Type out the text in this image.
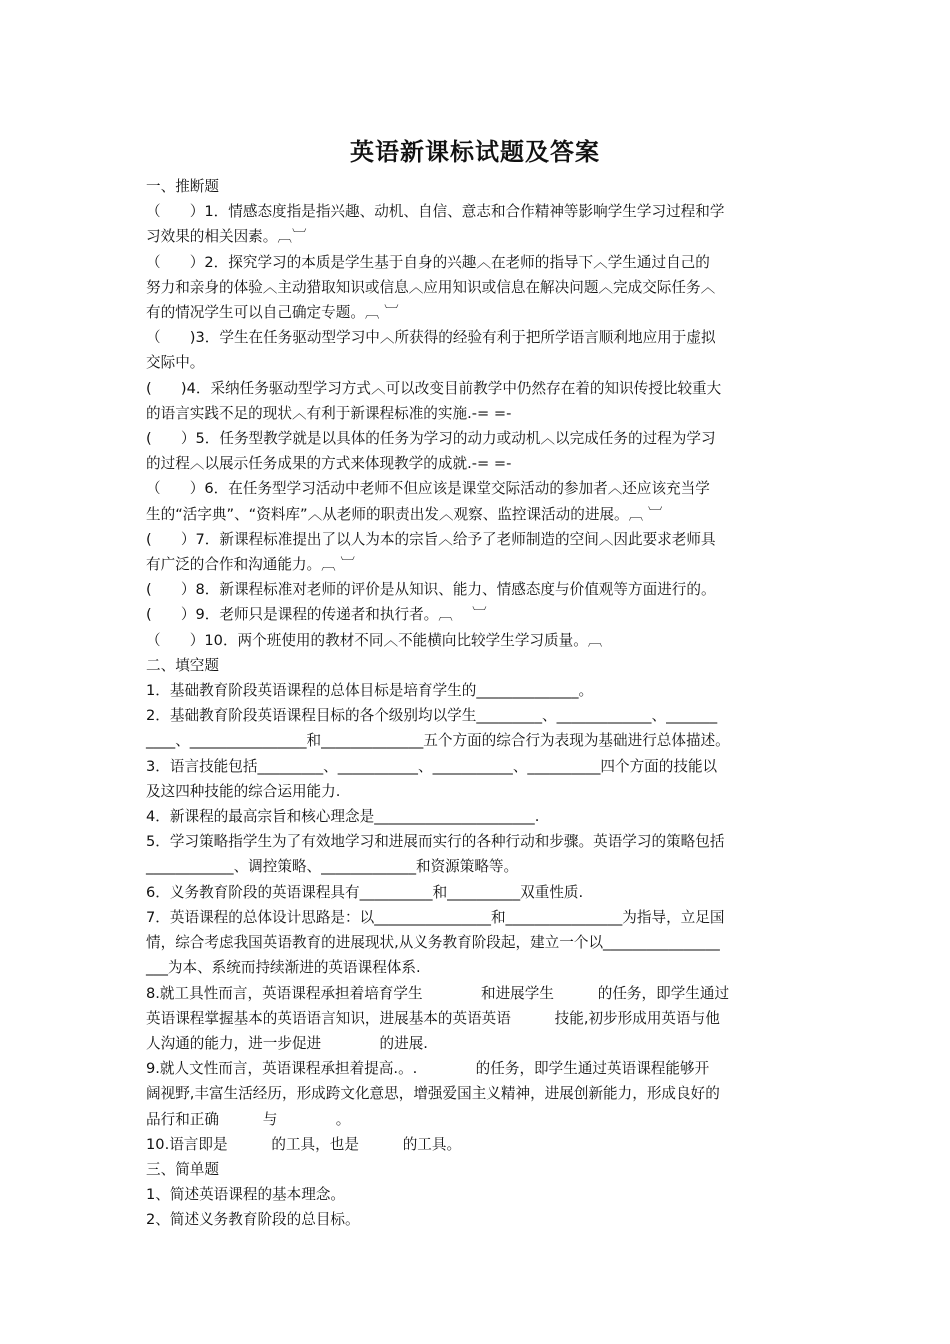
英语新课标试题及答案
一、推断题
（　　）1．情感态度指是指兴趣、动机、自信、意志和合作精神等影响学生学习过程和学
习效果的相关因素。︹︺
（　　）2．探究学习的本质是学生基于自身的兴趣︿在老师的指导下︿学生通过自己的
努力和亲身的体验︿主动猎取知识或信息︿应用知识或信息在解决问题︿完成交际任务︿
有的情况学生可以自己确定专题。︹ ︺
（　　)3．学生在任务驱动型学习中︿所获得的经验有利于把所学语言顺利地应用于虚拟
交际中。
(　　)4．采纳任务驱动型学习方式︿可以改变目前教学中仍然存在着的知识传授比较重大
的语言实践不足的现状︿有利于新课程标准的实施.-= =-
(　　）5．任务型教学就是以具体的任务为学习的动力或动机︿以完成任务的过程为学习
的过程︿以展示任务成果的方式来体现教学的成就.-= =-
（　　）6．在任务型学习活动中老师不但应该是课堂交际活动的参加者︿还应该充当学
生的“活字典”、“资料库”︿从老师的职责出发︿观察、监控课活动的进展。︹ ︺
(　　）7．新课程标准提出了以人为本的宗旨︿给予了老师制造的空间︿因此要求老师具
有广泛的合作和沟通能力。︹ ︺
(　　）8．新课程标准对老师的评价是从知识、能力、情感态度与价值观等方面进行的。
(　　）9．老师只是课程的传递者和执行者。︹　 ︺
（　　）10．两个班使用的教材不同︿不能横向比较学生学习质量。︹
二、填空题
1．基础教育阶段英语课程的总体目标是培育学生的______________。
2．基础教育阶段英语课程目标的各个级别均以学生_________、_____________、_______
____、________________和______________五个方面的综合行为表现为基础进行总体描述。
3．语言技能包括_________、___________、___________、__________四个方面的技能以
及这四种技能的综合运用能力.
4．新课程的最高宗旨和核心理念是______________________.
5．学习策略指学生为了有效地学习和进展而实行的各种行动和步骤。英语学习的策略包括
____________、调控策略、_____________和资源策略等。
6．义务教育阶段的英语课程具有__________和__________双重性质.
7．英语课程的总体设计思路是：以________________和________________为指导，立足国
情，综合考虑我国英语教育的进展现状,从义务教育阶段起，建立一个以________________
___为本、系统而持续渐进的英语课程体系.
8.就工具性而言，英语课程承担着培育学生　　　　和进展学生　　　的任务，即学生通过
英语课程掌握基本的英语语言知识，进展基本的英语英语　　　技能,初步形成用英语与他
人沟通的能力，进一步促进　　　　的进展.
9.就人文性而言，英语课程承担着提高.。.　　　　的任务，即学生通过英语课程能够开
阔视野,丰富生活经历，形成跨文化意思，增强爱国主义精神，进展创新能力，形成良好的
品行和正确　　　与　　　　。
10.语言即是　　　的工具，也是　　　的工具。
三、简单题
1、简述英语课程的基本理念。
2、简述义务教育阶段的总目标。
